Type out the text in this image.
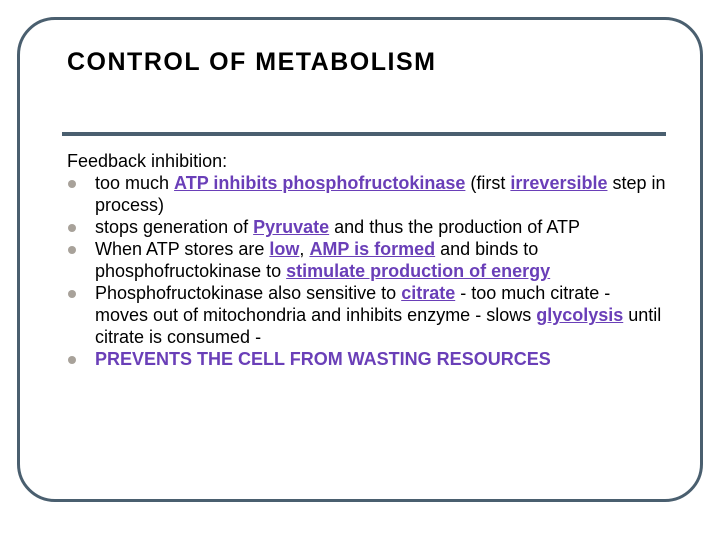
CONTROL OF METABOLISM

Feedback inhibition:

too much ATP inhibits phosphofructokinase (first irreversible step in process)
stops generation of Pyruvate and thus the production of ATP
When ATP stores are low, AMP is formed and binds to phosphofructokinase to stimulate production of energy
Phosphofructokinase also sensitive to citrate - too much citrate - moves out of mitochondria and inhibits enzyme - slows glycolysis until citrate is consumed -
PREVENTS THE CELL FROM WASTING RESOURCES
